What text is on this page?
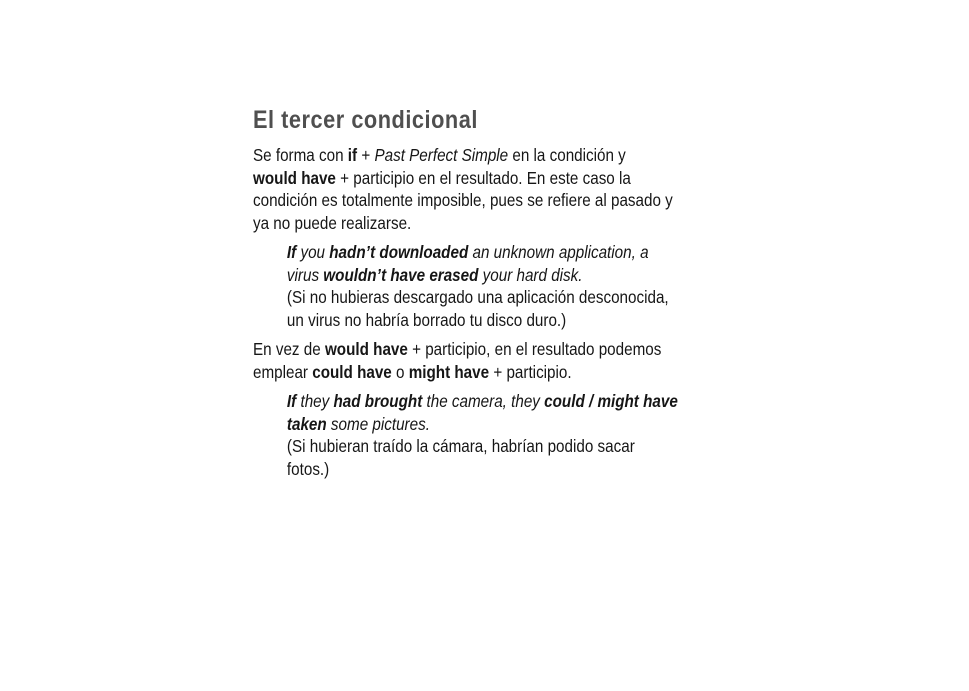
El tercer condicional
Se forma con if + Past Perfect Simple en la condición y
would have + participio en el resultado. En este caso la
condición es totalmente imposible, pues se refiere al pasado y
ya no puede realizarse.
If you hadn’t downloaded an unknown application, a
virus wouldn’t have erased your hard disk.
(Si no hubieras descargado una aplicación desconocida,
un virus no habría borrado tu disco duro.)
En vez de would have + participio, en el resultado podemos
emplear could have o might have + participio.
If they had brought the camera, they could / might have
taken some pictures.
(Si hubieran traído la cámara, habrían podido sacar
fotos.)
